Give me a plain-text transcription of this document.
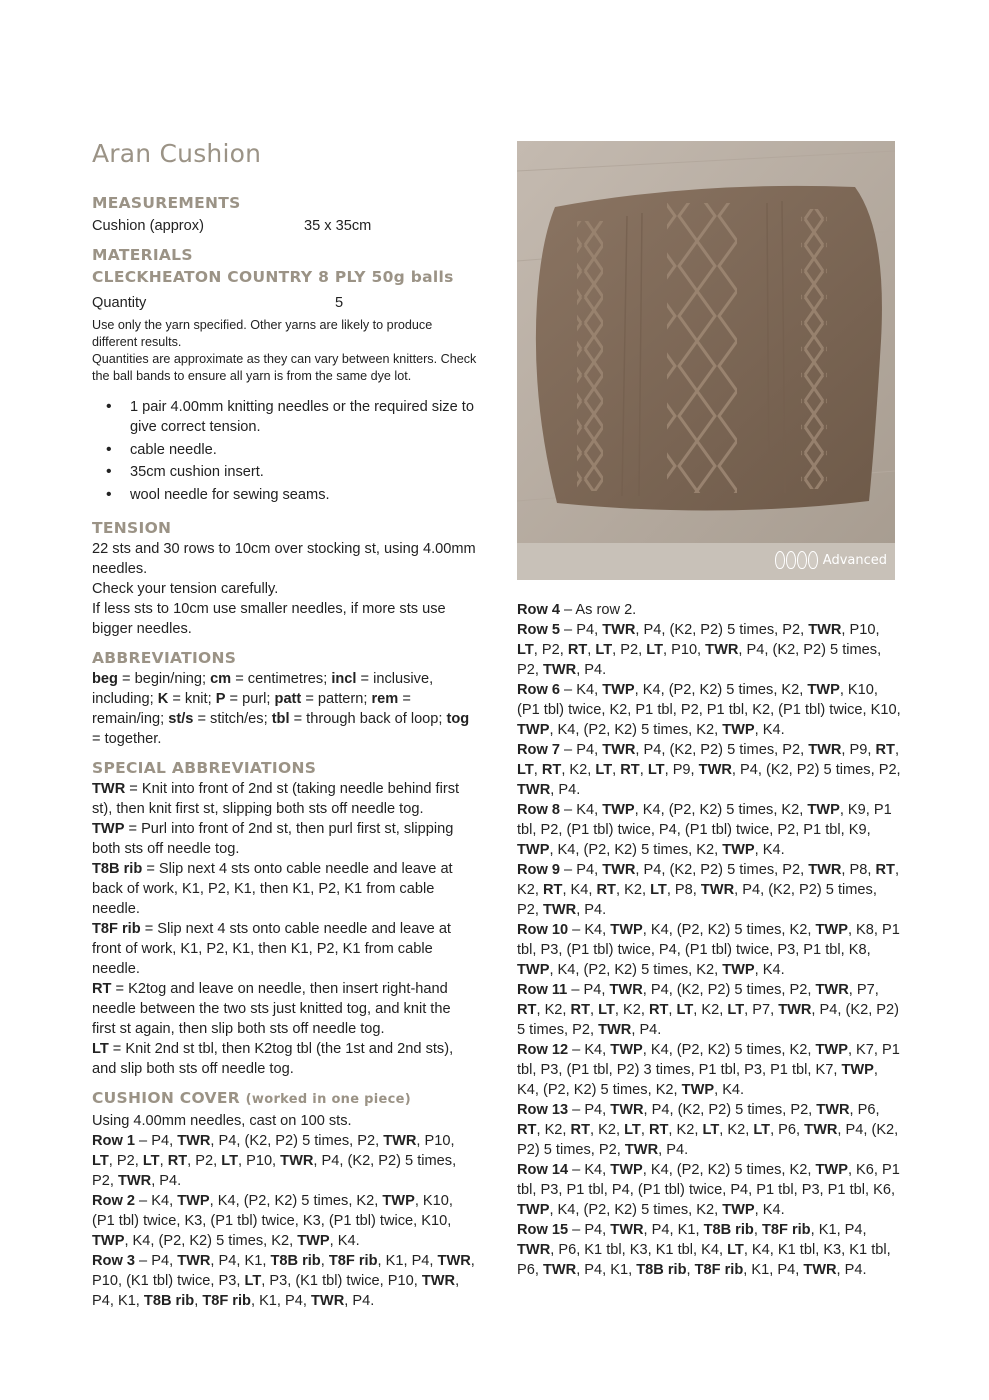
Aran Cushion
MEASUREMENTS
Cushion (approx)	35 x 35cm
MATERIALS
CLECKHEATON COUNTRY 8 PLY 50g balls
Quantity	5

Use only the yarn specified. Other yarns are likely to produce different results.

Quantities are approximate as they can vary between knitters. Check the ball bands to ensure all yarn is from the same dye lot.

• 1 pair 4.00mm knitting needles or the required size to give correct tension.
• cable needle.
• 35cm cushion insert.
• wool needle for sewing seams.
TENSION

22 sts and 30 rows to 10cm over stocking st, using 4.00mm needles.

Check your tension carefully.

If less sts to 10cm use smaller needles, if more sts use bigger needles.

ABBREVIATIONS

beg = begin/ning; cm = centimetres; incl = inclusive, including; K = knit; P = purl; patt = pattern; rem = remain/ing; st/s = stitch/es; tbl = through back of loop; tog = together.

SPECIAL ABBREVIATIONS

TWR = Knit into front of 2nd st (taking needle behind first st), then knit first st, slipping both sts off needle tog.

TWP = Purl into front of 2nd st, then purl first st, slipping both sts off needle tog.

T8B rib = Slip next 4 sts onto cable needle and leave at back of work, K1, P2, K1, then K1, P2, K1 from cable needle.

T8F rib = Slip next 4 sts onto cable needle and leave at front of work, K1, P2, K1, then K1, P2, K1 from cable needle.

RT = K2tog and leave on needle, then insert right-hand needle between the two sts just knitted tog, and knit the first st again, then slip both sts off needle tog.

LT = Knit 2nd st tbl, then K2tog tbl (the 1st and 2nd sts), and slip both sts off needle tog.

CUSHION COVER (worked in one piece)

Using 4.00mm needles, cast on 100 sts.

Row 1 – P4, TWR, P4, (K2, P2) 5 times, P2, TWR, P10, LT, P2, LT, RT, P2, LT, P10, TWR, P4, (K2, P2) 5 times, P2, TWR, P4.

Row 2 – K4, TWP, K4, (P2, K2) 5 times, K2, TWP, K10, (P1 tbl) twice, K3, (P1 tbl) twice, K3, (P1 tbl) twice, K10, TWP, K4, (P2, K2) 5 times, K2, TWP, K4.

Row 3 – P4, TWR, P4, K1, T8B rib, T8F rib, K1, P4, TWR, P10, (K1 tbl) twice, P3, LT, P3, (K1 tbl) twice, P10, TWR, P4, K1, T8B rib, T8F rib, K1, P4, TWR, P4.

Advanced

Row 4 – As row 2.

Row 5 – P4, TWR, P4, (K2, P2) 5 times, P2, TWR, P10, LT, P2, RT, LT, P2, LT, P10, TWR, P4, (K2, P2) 5 times, P2, TWR, P4.

Row 6 – K4, TWP, K4, (P2, K2) 5 times, K2, TWP, K10, (P1 tbl) twice, K2, P1 tbl, P2, P1 tbl, K2, (P1 tbl) twice, K10, TWP, K4, (P2, K2) 5 times, K2, TWP, K4.

Row 7 – P4, TWR, P4, (K2, P2) 5 times, P2, TWR, P9, RT, LT, RT, K2, LT, RT, LT, P9, TWR, P4, (K2, P2) 5 times, P2, TWR, P4.

Row 8 – K4, TWP, K4, (P2, K2) 5 times, K2, TWP, K9, P1 tbl, P2, (P1 tbl) twice, P4, (P1 tbl) twice, P2, P1 tbl, K9, TWP, K4, (P2, K2) 5 times, K2, TWP, K4.

Row 9 – P4, TWR, P4, (K2, P2) 5 times, P2, TWR, P8, RT, K2, RT, K4, RT, K2, LT, P8, TWR, P4, (K2, P2) 5 times, P2, TWR, P4.

Row 10 – K4, TWP, K4, (P2, K2) 5 times, K2, TWP, K8, P1 tbl, P3, (P1 tbl) twice, P4, (P1 tbl) twice, P3, P1 tbl, K8, TWP, K4, (P2, K2) 5 times, K2, TWP, K4.

Row 11 – P4, TWR, P4, (K2, P2) 5 times, P2, TWR, P7, RT, K2, RT, LT, K2, RT, LT, K2, LT, P7, TWR, P4, (K2, P2) 5 times, P2, TWR, P4.

Row 12 – K4, TWP, K4, (P2, K2) 5 times, K2, TWP, K7, P1 tbl, P3, (P1 tbl, P2) 3 times, P1 tbl, P3, P1 tbl, K7, TWP, K4, (P2, K2) 5 times, K2, TWP, K4.

Row 13 – P4, TWR, P4, (K2, P2) 5 times, P2, TWR, P6, RT, K2, RT, K2, LT, RT, K2, LT, K2, LT, P6, TWR, P4, (K2, P2) 5 times, P2, TWR, P4.

Row 14 – K4, TWP, K4, (P2, K2) 5 times, K2, TWP, K6, P1 tbl, P3, P1 tbl, P4, (P1 tbl) twice, P4, P1 tbl, P3, P1 tbl, K6, TWP, K4, (P2, K2) 5 times, K2, TWP, K4.

Row 15 – P4, TWR, P4, K1, T8B rib, T8F rib, K1, P4, TWR, P6, K1 tbl, K3, K1 tbl, K4, LT, K4, K1 tbl, K3, K1 tbl, P6, TWR, P4, K1, T8B rib, T8F rib, K1, P4, TWR, P4.
